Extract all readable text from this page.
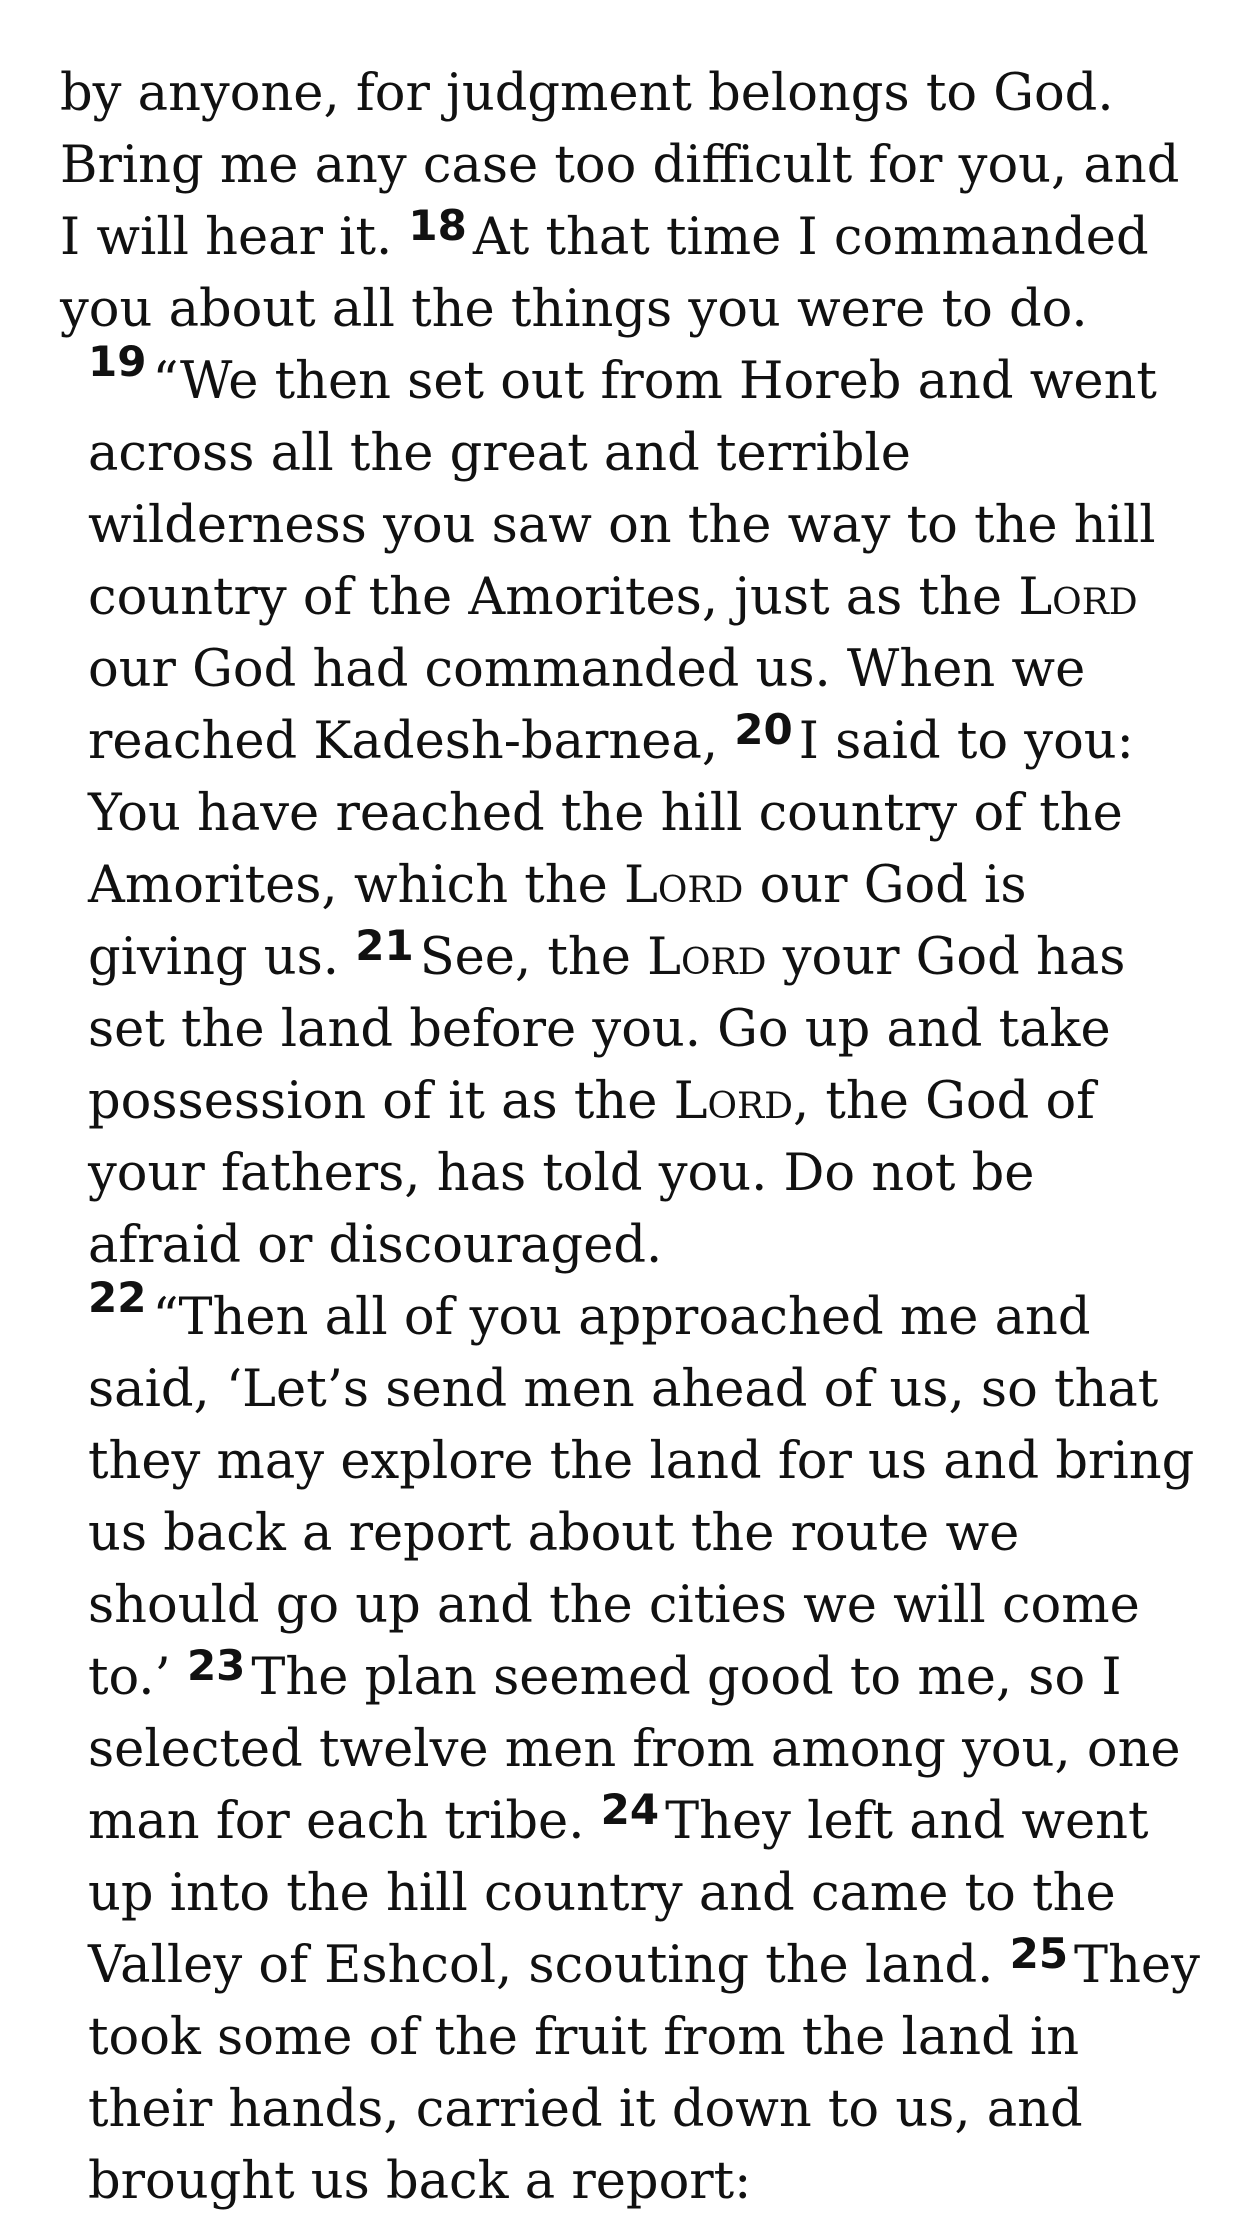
by anyone, for judgment belongs to God. Bring me any case too difficult for you, and I will hear it. $^{18}$ At that time I commanded you about all the things you were to do.

$^{19}$ “We then set out from Horeb and went across all the great and terrible wilderness you saw on the way to the hill country of the Amorites, just as the Lord our God had commanded us. When we reached Kadesh-barnea, $^{20}$ I said to you: You have reached the hill country of the Amorites, which the Lord our God is giving us. $^{21}$ See, the Lord your God has set the land before you. Go up and take possession of it as the Lord, the God of your fathers, has told you. Do not be afraid or discouraged.

$^{22}$ “Then all of you approached me and said, ‘Let’s send men ahead of us, so that they may explore the land for us and bring us back a report about the route we should go up and the cities we will come to.’ $^{23}$ The plan seemed good to me, so I selected twelve men from among you, one man for each tribe. $^{24}$ They left and went up into the hill country and came to the Valley of Eshcol, scouting the land. $^{25}$ They took some of the fruit from the land in their hands, carried it down to us, and brought us back a report:
